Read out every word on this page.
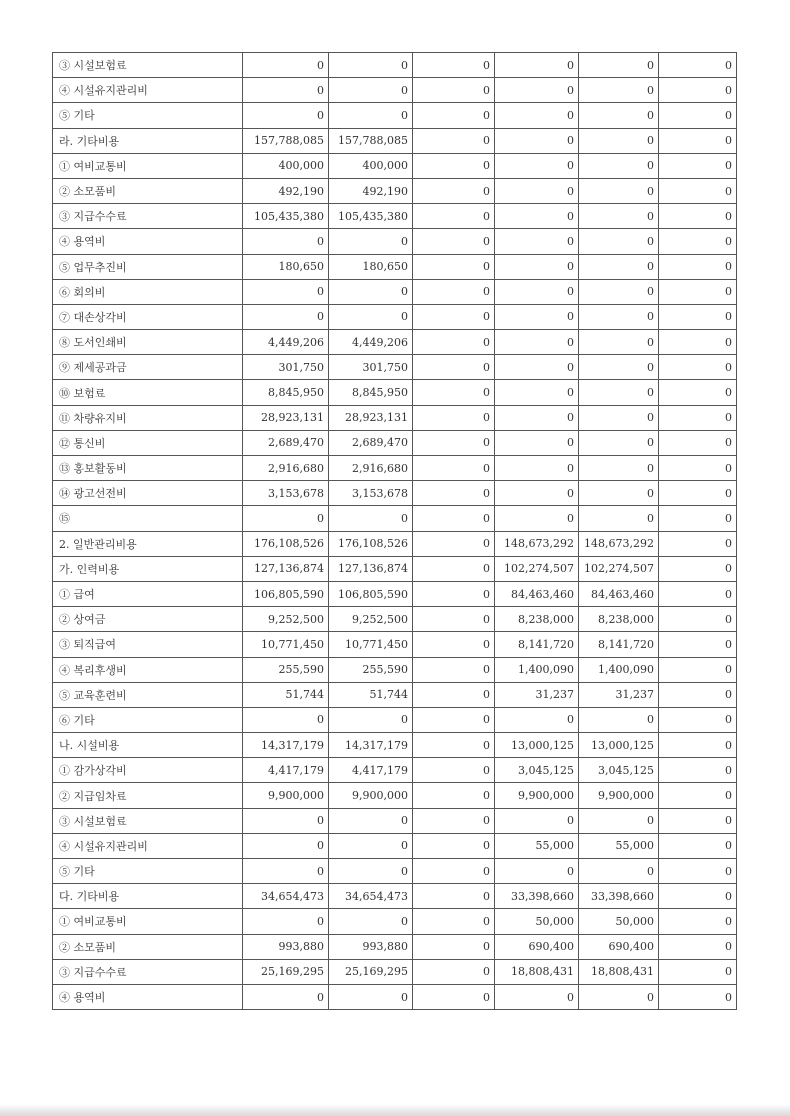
③ 시설보험료	0	0	0	0	0	0
④ 시설유지관리비	0	0	0	0	0	0
⑤ 기타	0	0	0	0	0	0
라. 기타비용	157,788,085	157,788,085	0	0	0	0
① 여비교통비	400,000	400,000	0	0	0	0
② 소모품비	492,190	492,190	0	0	0	0
③ 지급수수료	105,435,380	105,435,380	0	0	0	0
④ 용역비	0	0	0	0	0	0
⑤ 업무추진비	180,650	180,650	0	0	0	0
⑥ 회의비	0	0	0	0	0	0
⑦ 대손상각비	0	0	0	0	0	0
⑧ 도서인쇄비	4,449,206	4,449,206	0	0	0	0
⑨ 제세공과금	301,750	301,750	0	0	0	0
⑩ 보험료	8,845,950	8,845,950	0	0	0	0
⑪ 차량유지비	28,923,131	28,923,131	0	0	0	0
⑫ 통신비	2,689,470	2,689,470	0	0	0	0
⑬ 홍보활동비	2,916,680	2,916,680	0	0	0	0
⑭ 광고선전비	3,153,678	3,153,678	0	0	0	0
⑮	0	0	0	0	0	0
2. 일반관리비용	176,108,526	176,108,526	0	148,673,292	148,673,292	0
가. 인력비용	127,136,874	127,136,874	0	102,274,507	102,274,507	0
① 급여	106,805,590	106,805,590	0	84,463,460	84,463,460	0
② 상여금	9,252,500	9,252,500	0	8,238,000	8,238,000	0
③ 퇴직급여	10,771,450	10,771,450	0	8,141,720	8,141,720	0
④ 복리후생비	255,590	255,590	0	1,400,090	1,400,090	0
⑤ 교육훈련비	51,744	51,744	0	31,237	31,237	0
⑥ 기타	0	0	0	0	0	0
나. 시설비용	14,317,179	14,317,179	0	13,000,125	13,000,125	0
① 감가상각비	4,417,179	4,417,179	0	3,045,125	3,045,125	0
② 지급임차료	9,900,000	9,900,000	0	9,900,000	9,900,000	0
③ 시설보험료	0	0	0	0	0	0
④ 시설유지관리비	0	0	0	55,000	55,000	0
⑤ 기타	0	0	0	0	0	0
다. 기타비용	34,654,473	34,654,473	0	33,398,660	33,398,660	0
① 여비교통비	0	0	0	50,000	50,000	0
② 소모품비	993,880	993,880	0	690,400	690,400	0
③ 지급수수료	25,169,295	25,169,295	0	18,808,431	18,808,431	0
④ 용역비	0	0	0	0	0	0
